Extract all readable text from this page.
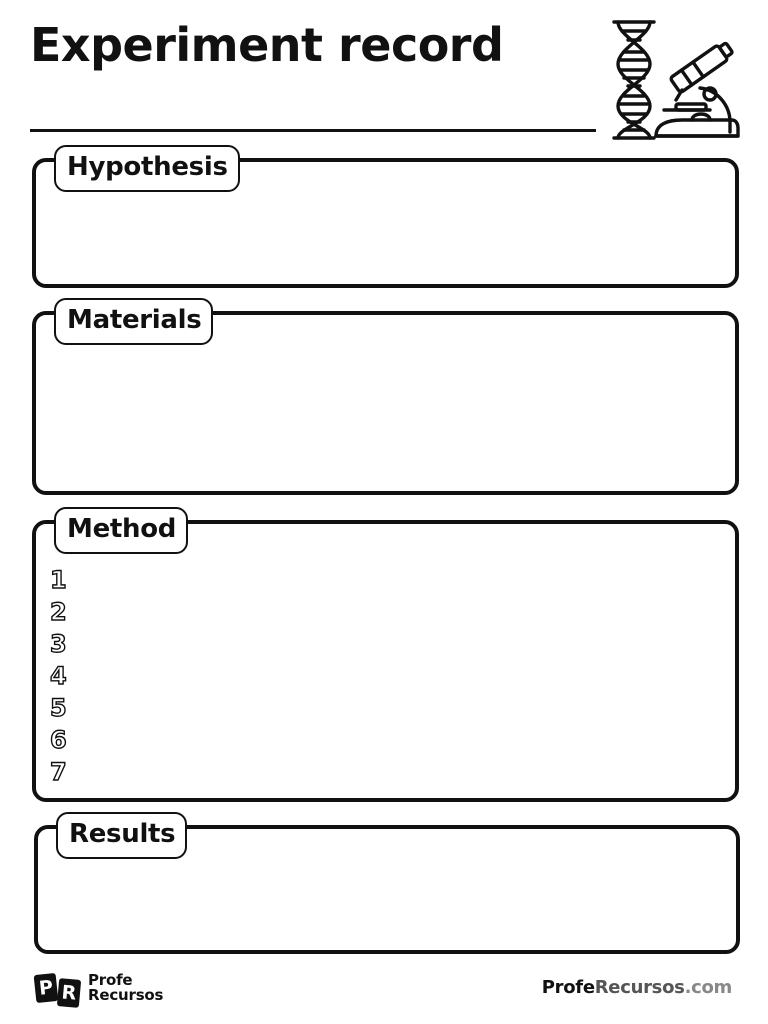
Experiment record
Hypothesis
Materials
Method
1
2
3
4
5
6
7
Results
P R
Profe
Recursos	ProfeRecursos.com
